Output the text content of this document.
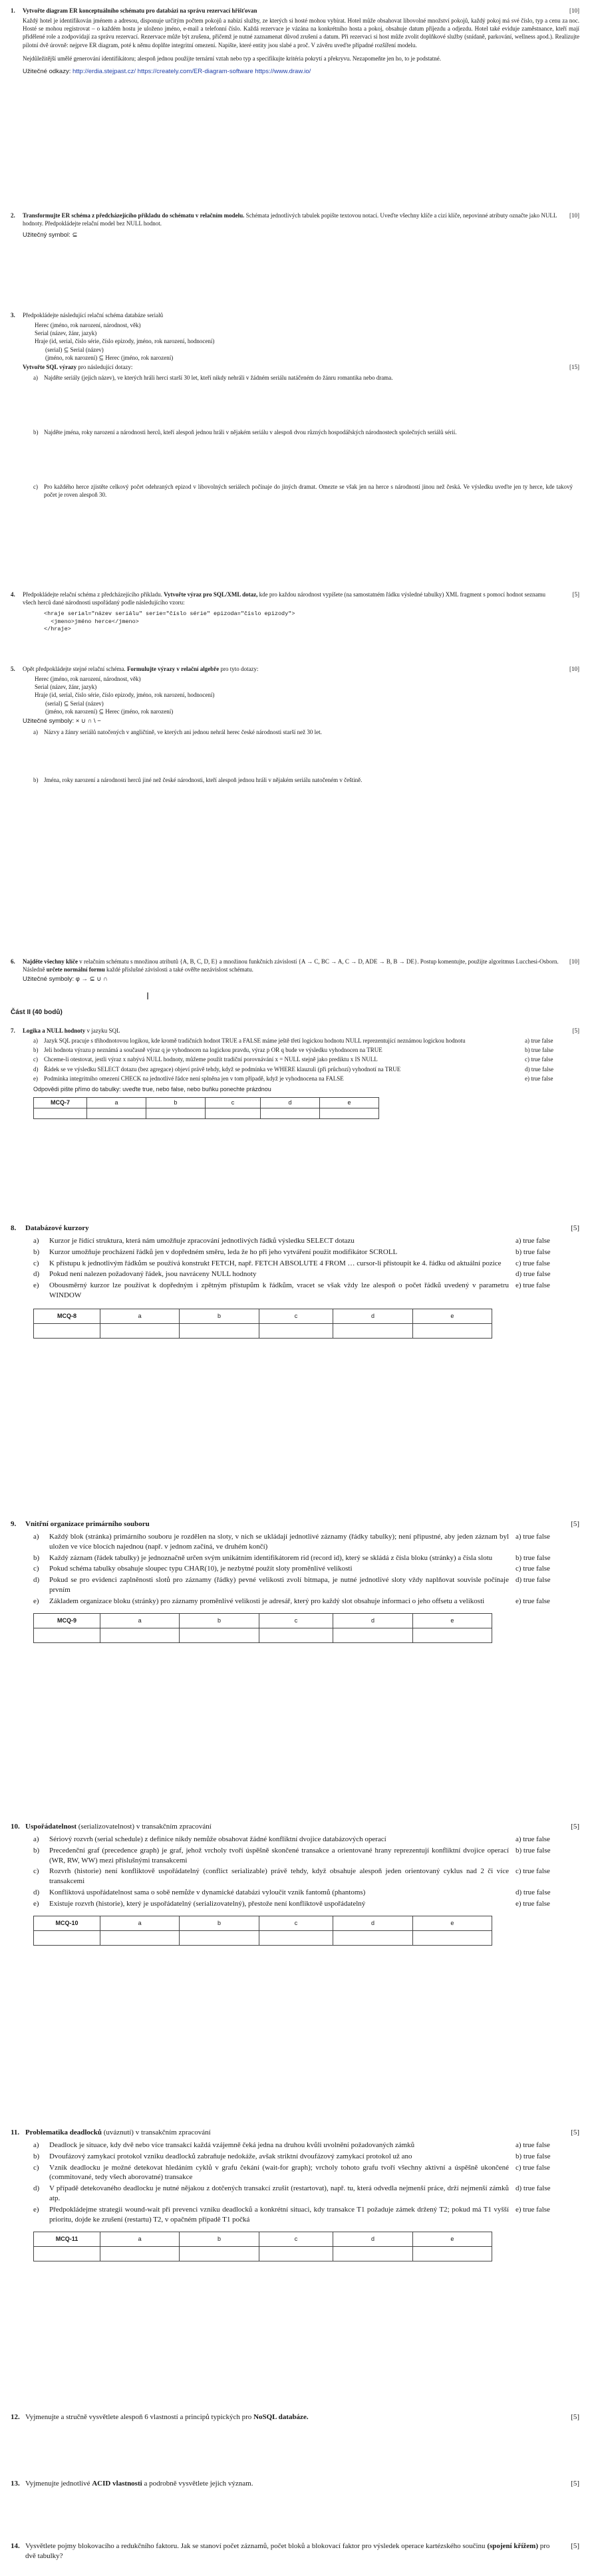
1.	Vytvořte diagram ER konceptuálního schématu pro databázi na správu rezervací hřišťovan	[10]
Každý hotel je identifikován jménem a adresou, disponuje určitým počtem pokojů a nabízí služby, ze kterých si hosté mohou vybírat. Hotel může obsahovat libovolné množství pokojů, každý pokoj má své číslo, typ a cenu za noc. Hosté se mohou registrovat – o každém hostu je uloženo jméno, e-mail a telefonní číslo. Každá rezervace je vázána na konkrétního hosta a pokoj, obsahuje datum příjezdu a odjezdu. Hotel také eviduje zaměstnance, kteří mají přidělené role a zodpovídají za správu rezervací. Rezervace může být zrušena, přičemž je nutné zaznamenat důvod zrušení a datum. Při rezervaci si host může zvolit doplňkové služby (snídaně, parkování, wellness apod.). Realizujte pilotní dvě úrovně: nejprve ER diagram, poté k němu doplňte integritní omezení. Napište, které entity jsou slabé a proč. V závěru uveďte případné rozšíření modelu.
Nejdůležitější umělé generování identifikátoru; alespoň jednou použijte ternární vztah nebo typ a specifikujte kritéria pokrytí a překryvu. Nezapomeňte jen ho, to je podstatné.
Užitečné odkazy: http://erdia.stejpast.cz/ https://creately.com/ER-diagram-software https://www.draw.io/
2.	Transformujte ER schéma z předcházejícího příkladu do schématu v relačním modelu. Schémata jednotlivých tabulek popište textovou notací. Uveďte všechny klíče a cizí klíče, nepovinné atributy označte jako NULL hodnoty. Předpokládejte relační model bez NULL hodnot.
[10]
Užitečný symbol: ⊆
3.	Předpokládejte následující relační schéma databáze serialů
Herec (jméno, rok narození, národnost, věk)
Serial (název, žánr, jazyk)
Hraje (id, serial, číslo série, číslo epizody, jméno, rok narození, hodnocení)
(serial) ⊆ Serial (název)
(jméno, rok narození) ⊆ Herec (jméno, rok narození)
Vytvořte SQL výrazy pro následující dotazy:	[15]
a)	Najděte seriály (jejich název), ve kterých hráli herci starší 30 let, kteří nikdy nehráli v žádném seriálu natáčeném do žánru romantika nebo drama.
b) Najděte jména, roky narození a národnosti herců, kteří alespoň jednou hráli v nějakém seriálu v alespoň dvou různých hospodářských národnostech společných seriálů sérií.
c)	Pro každého herce zjistěte celkový počet odehraných epizod v libovolných seriálech počínaje do jiných dramat. Omezte se však jen na herce s národností jinou než česká. Ve výsledku uveďte jen ty herce, kde takový počet je roven alespoň 30.
4.	Předpokládejte relační schéma z předcházejícího příkladu. Vytvořte výraz pro SQL/XML dotaz, kde pro každou národnost vypíšete (na samostatném řádku výsledné tabulky) XML fragment s pomocí hodnot seznamu všech herců dané národnosti uspořádaný podle následujícího vzoru:
[5]
<hraje serial="název seriálu" serie="číslo série" epizoda="číslo epizody">
<jmeno>jméno herce</jmeno>
</hraje>
5.	Opět předpokládejte stejné relační schéma. Formulujte výrazy v relační algebře pro tyto dotazy:	[10]
Herec (jméno, rok narození, národnost, věk)
Serial (název, žánr, jazyk)
Hraje (id, serial, číslo série, číslo epizody, jméno, rok narození, hodnocení)
(serial) ⊆ Serial (název)
(jméno, rok narození) ⊆ Herec (jméno, rok narození)
Užitečné symboly: × ∪ ∩ \ −
a)	Názvy a žánry seriálů natočených v angličtině, ve kterých ani jednou nehrál herec české národnosti starší než 30 let.
b) Jména, roky narození a národnosti herců jiné než české národnosti, kteří alespoň jednou hráli v nějakém seriálu natočeném v češtině.
6.	Najděte všechny klíče v relačním schématu s množinou atributů {A, B, C, D, E} a množinou funkčních závislostí {A → C, BC → A, C → D, ADE → B, B → DE}. Postup komentujte, použijte algoritmus Lucchesi-Osborn. Následně určete normální formu každé příslušné závislosti a také ověřte nezávislost schématu.
[10]
Užitečné symboly: φ → ⊆ ∪ ∩
I
Část II (40 bodů)
7.	Logika a NULL hodnoty v jazyku SQL	[5]
a)	Jazyk SQL pracuje s třihodnotovou logikou, kde kromě tradičních hodnot TRUE a FALSE máme ještě třetí logickou hodnotu NULL reprezentující neznámou logickou hodnotu	a) true false
b) Jeli hodnota výrazu p neznámá a současně výraz q je vyhodnocen na logickou pravdu, výraz p OR q bude ve výsledku vyhodnocen na TRUE	b) true false
c)	Chceme-li otestovat, jestli výraz x nabývá NULL hodnoty, můžeme použít tradiční porovnávání x = NULL stejně jako prediktu x IS NULL	c) true false
d) Řádek se ve výsledku SELECT dotazu (bez agregace) objeví právě tehdy, když se podmínka ve WHERE klauzuli (při průchozí) vyhodnotí na TRUE	d) true false
e)	Podmínka integritního omezení CHECK na jednotlivé řádce není splněna jen v tom případě, když je vyhodnocena na FALSE	e) true false
Odpovědi pište přímo do tabulky: uveďte true, nebo false, nebo buňku ponechte prázdnou
MCQ-7	a	b	c	d	e

8.	Databázové kurzory	[5]
a)	Kurzor je řídící struktura, která nám umožňuje zpracování jednotlivých řádků výsledku SELECT dotazu	a) true false
b)	Kurzor umožňuje procházení řádků jen v dopředném směru, leda že ho při jeho vytváření použit modifikátor SCROLL	b) true false
c)	K přístupu k jednotlivým řádkům se používá konstrukt FETCH, např. FETCH ABSOLUTE 4 FROM … cursor-li přístoupit ke 4. řádku od aktuální pozice	c) true false
d)	Pokud není nalezen požadovaný řádek, jsou navráceny NULL hodnoty	d) true false
e)	Obousměrný kurzor lze používat k dopředným i zpětným přístupům k řádkům, vracet se však vždy lze alespoň o počet řádků uvedený v parametru WINDOW
e) true false
MCQ-8	a	b	c	d	e

9.	Vnitřní organizace primárního souboru	[5]
a)	Každý blok (stránka) primárního souboru je rozdělen na sloty, v nich se ukládají jednotlivé záznamy (řádky tabulky); není připustné, aby jeden záznam byl uložen ve více blocích najednou (např. v jednom začíná, ve druhém končí)
a) true false
b)	Každý záznam (řádek tabulky) je jednoznačně určen svým unikátním identifikátorem rid (record id), který se skládá z čísla bloku (stránky) a čísla slotu	b) true false
c)	Pokud schéma tabulky obsahuje sloupec typu CHAR(10), je nezbytné použít sloty proměnlivé velikosti	c) true false
d)	Pokud se pro evidenci zaplněnosti slotů pro záznamy (řádky) pevné velikosti zvolí bitmapa, je nutné jednotlivé sloty vždy naplňovat souvisle počínaje prvním
d) true false
e)	Základem organizace bloku (stránky) pro záznamy proměnlivé velikosti je adresář, který pro každý slot obsahuje informaci o jeho offsetu a velikosti	e) true false
MCQ-9	a	b	c	d	e

10. Uspořádatelnost (serializovatelnost) v transakčním zpracování	[5]
a)	Sériový rozvrh (serial schedule) z definice nikdy nemůže obsahovat žádné konfliktní dvojice databázových operací	a) true false
b)	Precedenční graf (precedence graph) je graf, jehož vrcholy tvoří úspěšně skončené transakce a orientované hrany reprezentují konfliktní dvojice operací (WR, RW, WW) mezi příslušnými transakcemi
b) true false
c)	Rozvrh (historie) není konfliktově uspořádatelný (conflict serializable) právě tehdy, když obsahuje alespoň jeden orientovaný cyklus nad 2 či více transakcemi
c) true false
d)	Konfliktová uspořádatelnost sama o sobě nemůže v dynamické databázi vyloučit vznik fantomů (phantoms)	d) true false
e)	Existuje rozvrh (historie), který je uspořádatelný (serializovatelný), přestože není konfliktově uspořádatelný	e) true false
MCQ-10	a	b	c	d	e

11. Problematika deadlocků (uváznutí) v transakčním zpracování	[5]
a)	Deadlock je situace, kdy dvě nebo více transakcí každá vzájemně čeká jedna na druhou kvůli uvolnění požadovaných zámků	a) true false
b)	Dvoufázový zamykací protokol vzniku deadlocků zabraňuje nedokáže, avšak striktní dvoufázový zamykací protokol už ano	b) true false
c)	Vznik deadlocku je možné detekovat hledáním cyklů v grafu čekání (wait-for graph); vrcholy tohoto grafu tvoří všechny aktivní a úspěšně ukončené (commitované, tedy všech aborovatné) transakce
c) true false
d)	V případě detekovaného deadlocku je nutné nějakou z dotčených transakcí zrušit (restartovat), např. tu, která odvedla nejmenší práce, drží nejmenší zámků atp.
d) true false
e)	Předpokládejme strategii wound-wait při prevenci vzniku deadlocků a konkrétní situaci, kdy transakce T1 požaduje zámek držený T2; pokud má T1 vyšší prioritu, dojde ke zrušení (restartu) T2, v opačném případě T1 počká
e) true false
MCQ-11	a	b	c	d	e

12. Vyjmenujte a stručně vysvětlete alespoň 6 vlastností a principů typických pro NoSQL databáze.	[5]
13. Vyjmenujte jednotlivé ACID vlastnosti a podrobně vysvětlete jejich význam.	[5]
14. Vysvětlete pojmy blokovacího a redukčního faktoru. Jak se stanoví počet záznamů, počet bloků a blokovací faktor pro výsledek operace kartézského součinu (spojení křížem) pro dvě tabulky?
[5]
